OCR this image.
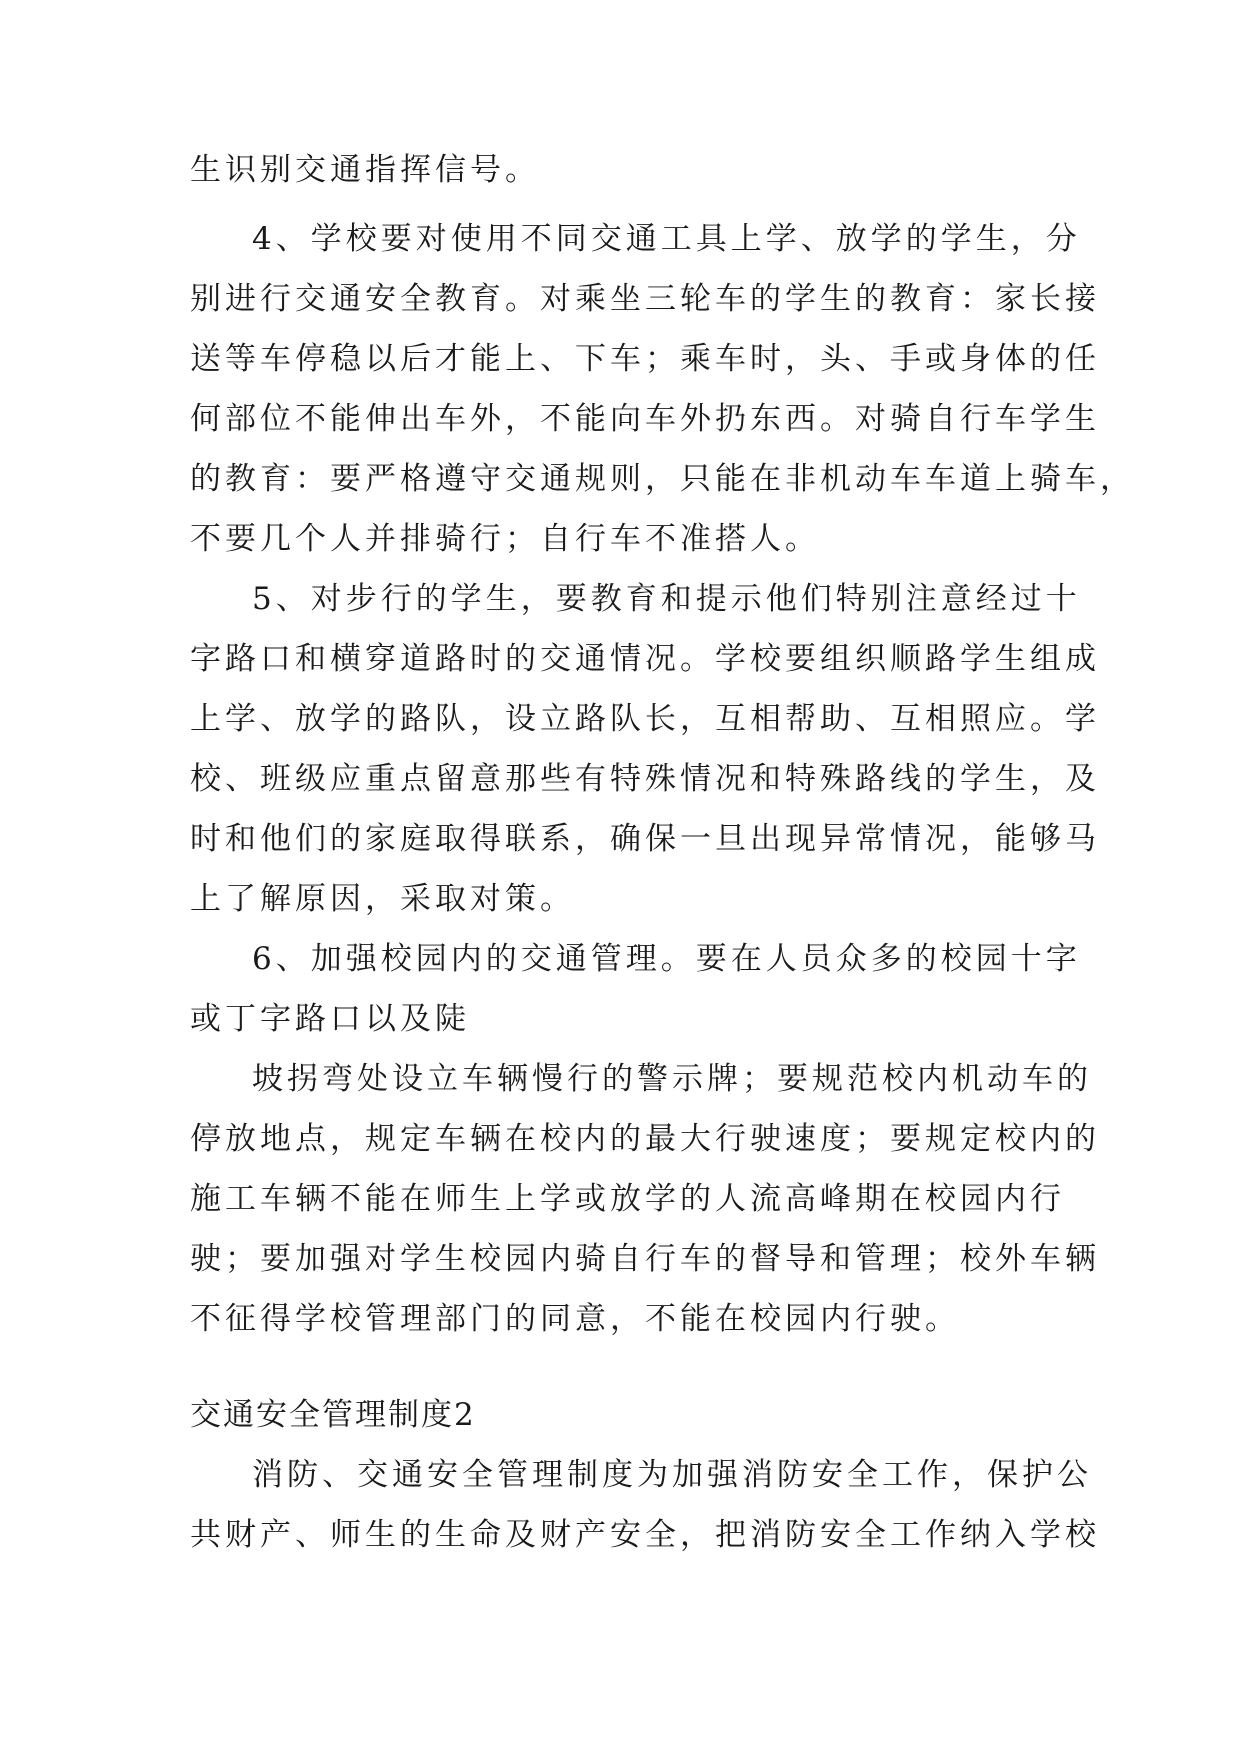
生识别交通指挥信号。
4、学校要对使用不同交通工具上学、放学的学生，分
别进行交通安全教育。对乘坐三轮车的学生的教育：家长接
送等车停稳以后才能上、下车；乘车时，头、手或身体的任
何部位不能伸出车外，不能向车外扔东西。对骑自行车学生
的教育：要严格遵守交通规则，只能在非机动车车道上骑车，
不要几个人并排骑行；自行车不准搭人。
5、对步行的学生，要教育和提示他们特别注意经过十
字路口和横穿道路时的交通情况。学校要组织顺路学生组成
上学、放学的路队，设立路队长，互相帮助、互相照应。学
校、班级应重点留意那些有特殊情况和特殊路线的学生，及
时和他们的家庭取得联系，确保一旦出现异常情况，能够马
上了解原因，采取对策。
6、加强校园内的交通管理。要在人员众多的校园十字
或丁字路口以及陡
坡拐弯处设立车辆慢行的警示牌；要规范校内机动车的
停放地点，规定车辆在校内的最大行驶速度；要规定校内的
施工车辆不能在师生上学或放学的人流高峰期在校园内行
驶；要加强对学生校园内骑自行车的督导和管理；校外车辆
不征得学校管理部门的同意，不能在校园内行驶。
交通安全管理制度2
消防、交通安全管理制度为加强消防安全工作，保护公
共财产、师生的生命及财产安全，把消防安全工作纳入学校
